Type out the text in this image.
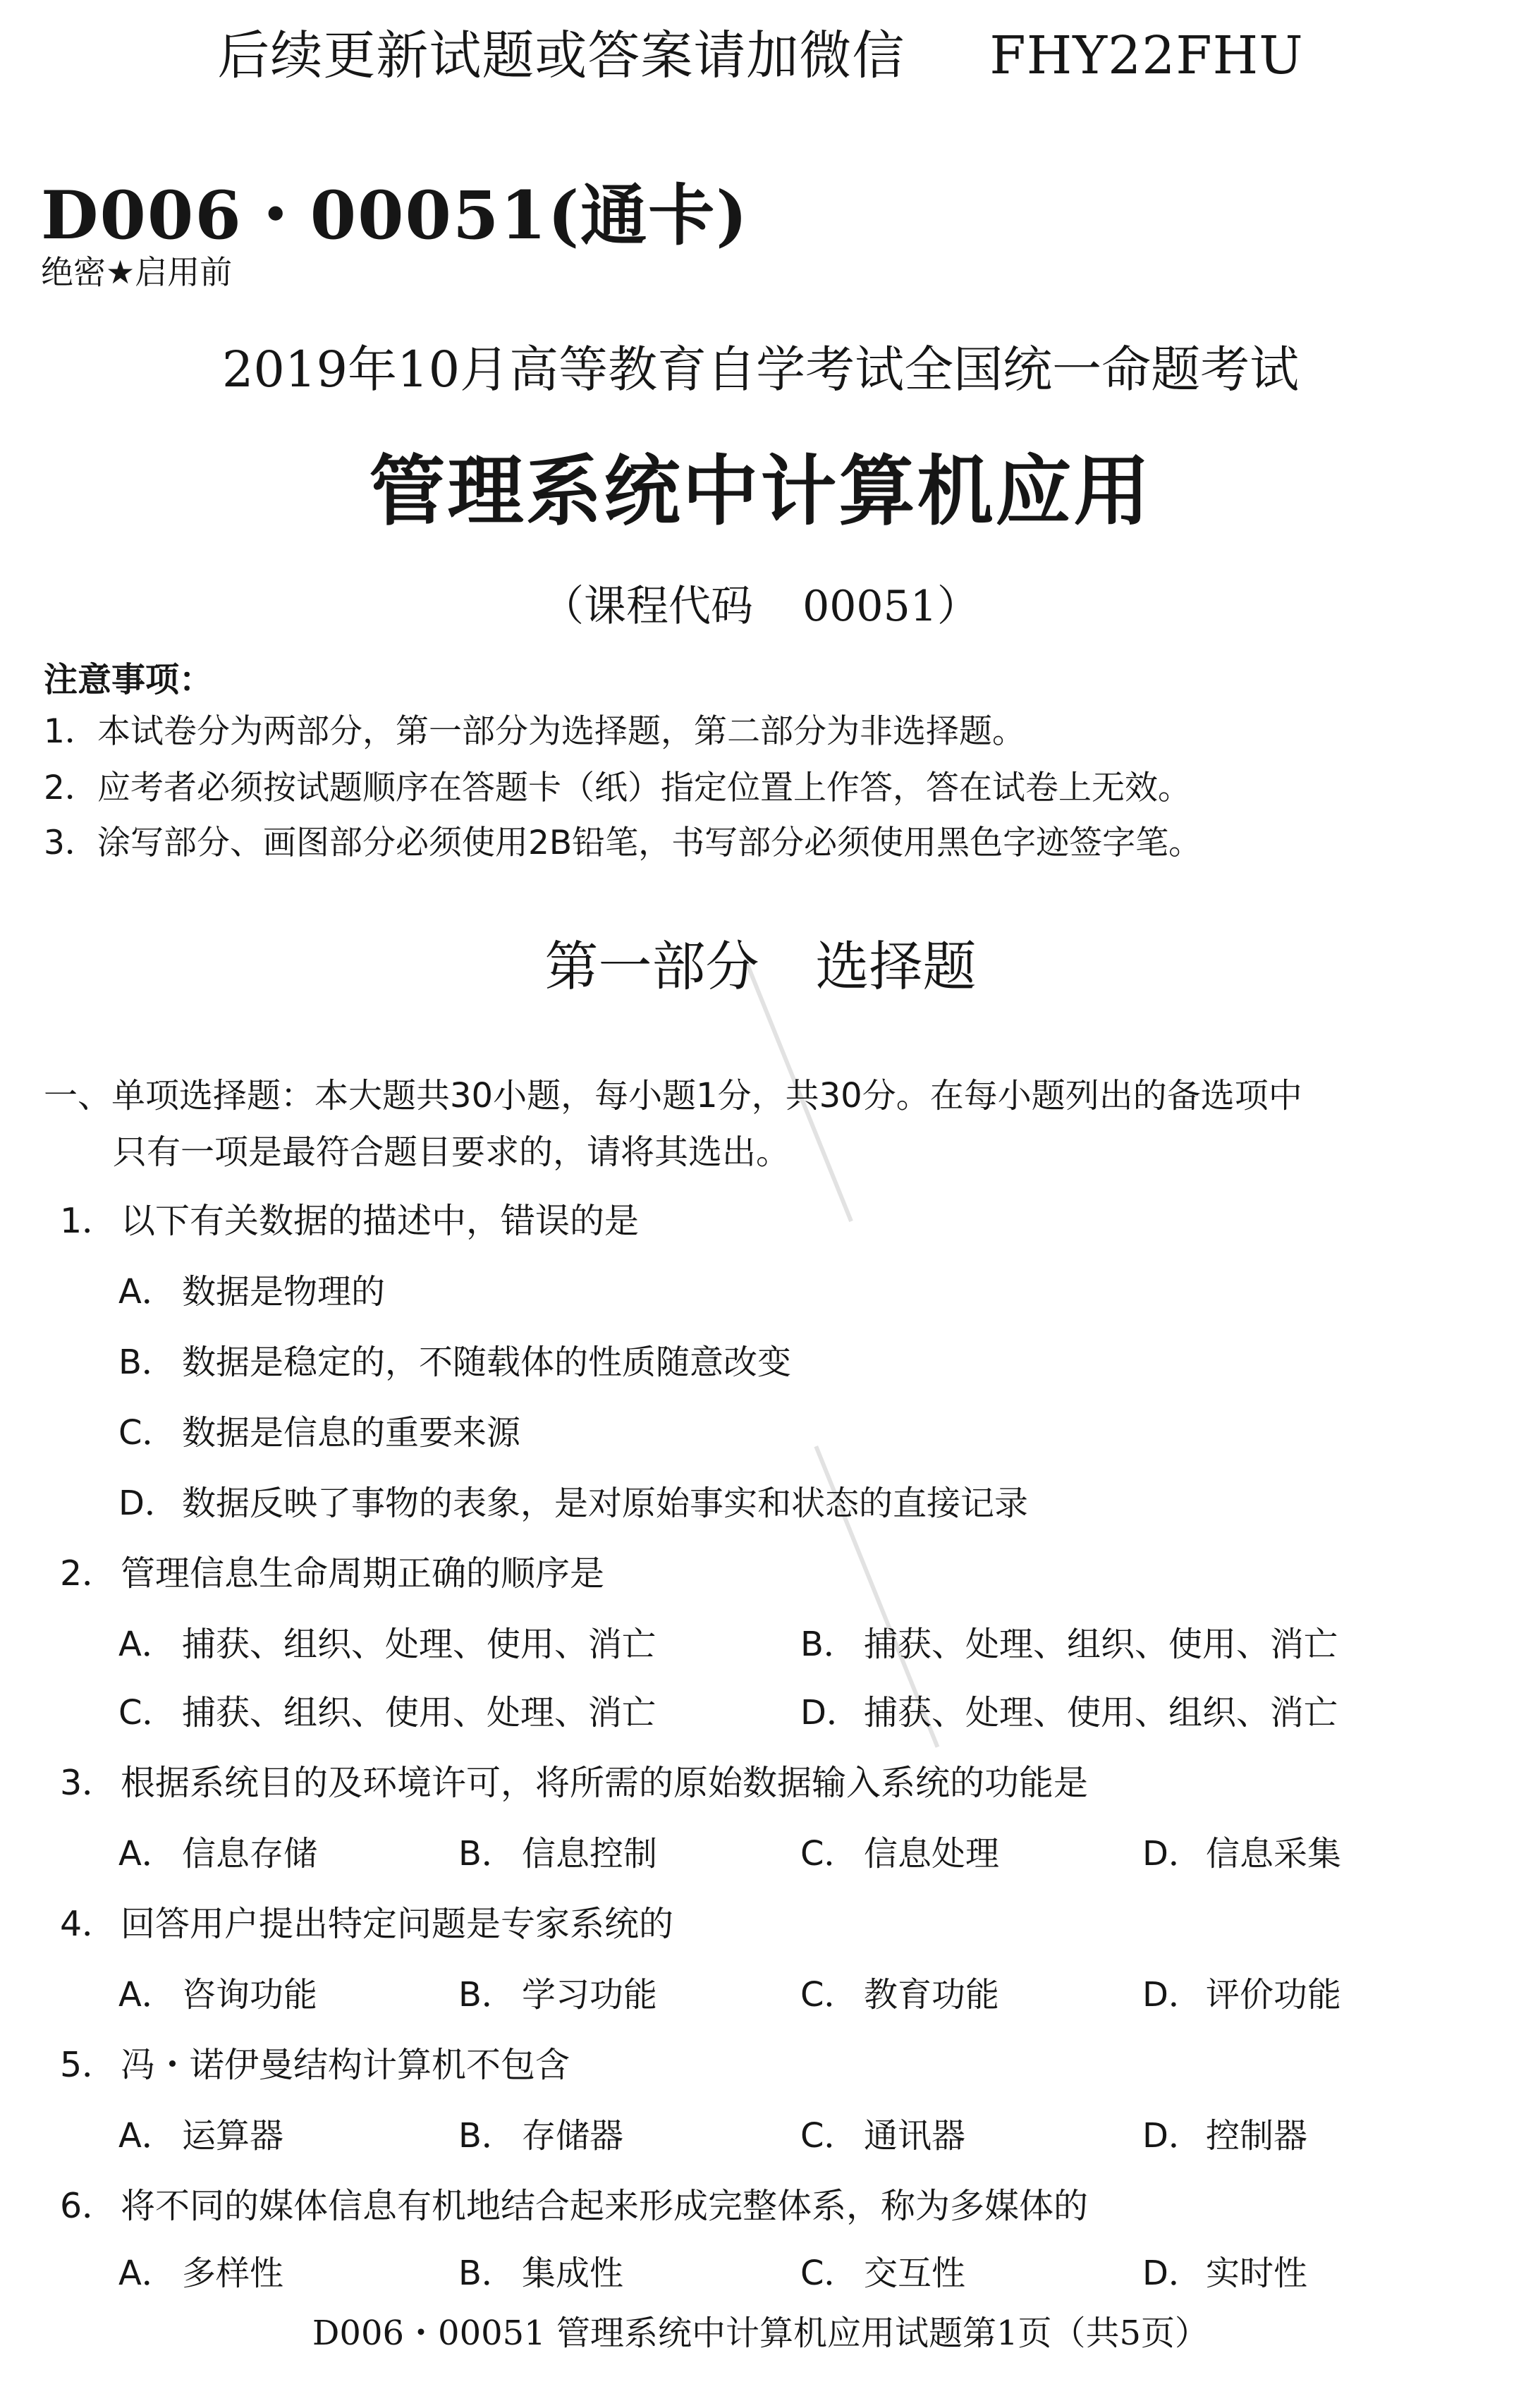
后续更新试题或答案请加微信 FHY22FHU
D006・00051(通卡)
绝密★启用前
2019年10月高等教育自学考试全国统一命题考试
管理系统中计算机应用
（课程代码 00051）
注意事项：
1．本试卷分为两部分，第一部分为选择题，第二部分为非选择题。
2．应考者必须按试题顺序在答题卡（纸）指定位置上作答，答在试卷上无效。
3．涂写部分、画图部分必须使用2B铅笔，书写部分必须使用黑色字迹签字笔。
第一部分 选择题
一、单项选择题：本大题共30小题，每小题1分，共30分。在每小题列出的备选项中
只有一项是最符合题目要求的，请将其选出。
1． 以下有关数据的描述中，错误的是
A． 数据是物理的
B． 数据是稳定的，不随载体的性质随意改变
C． 数据是信息的重要来源
D． 数据反映了事物的表象，是对原始事实和状态的直接记录
2． 管理信息生命周期正确的顺序是
A． 捕获、组织、处理、使用、消亡	B． 捕获、处理、组织、使用、消亡
C． 捕获、组织、使用、处理、消亡	D． 捕获、处理、使用、组织、消亡
3． 根据系统目的及环境许可，将所需的原始数据输入系统的功能是
A． 信息存储	B． 信息控制	C． 信息处理	D． 信息采集
4． 回答用户提出特定问题是专家系统的
A． 咨询功能	B． 学习功能	C． 教育功能	D． 评价功能
5． 冯・诺伊曼结构计算机不包含
A． 运算器	B． 存储器	C． 通讯器	D． 控制器
6． 将不同的媒体信息有机地结合起来形成完整体系，称为多媒体的
A． 多样性	B． 集成性	C． 交互性	D． 实时性
D006・00051 管理系统中计算机应用试题第1页（共5页）
